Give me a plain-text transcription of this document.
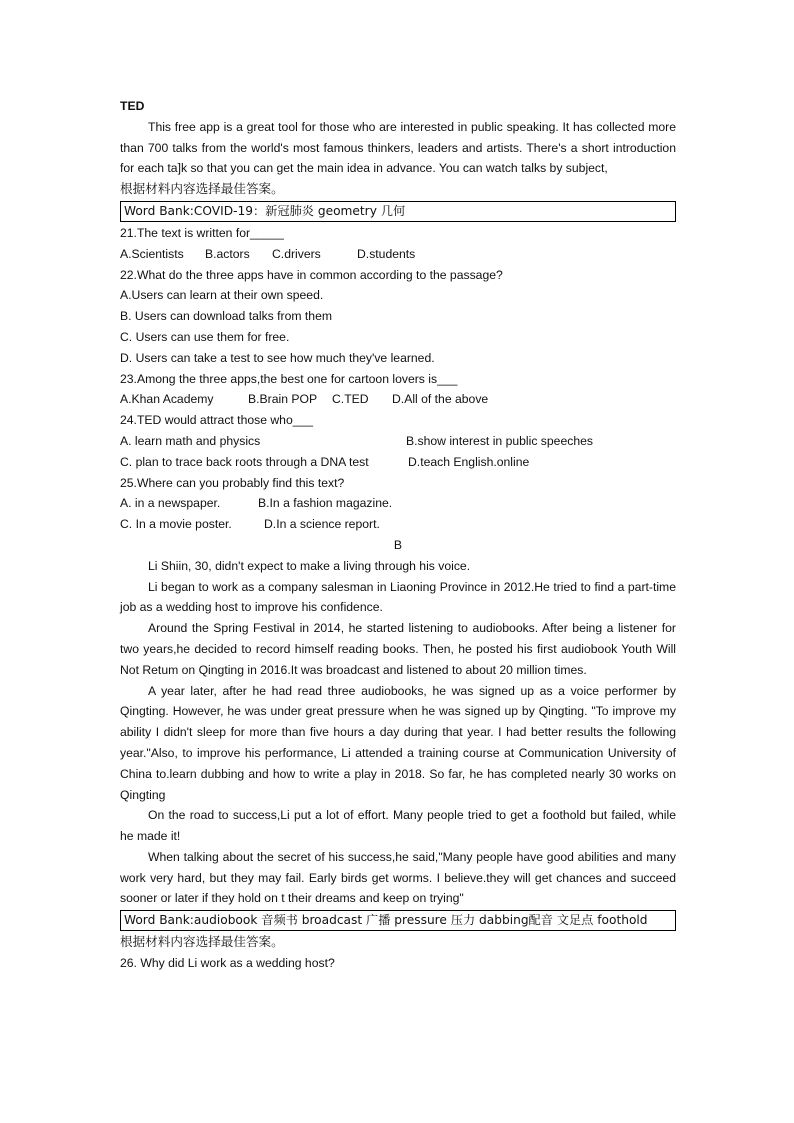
TED

This free app is a great tool for those who are interested in public speaking. It has collected more than 700 talks from the world's most famous thinkers, leaders and artists. There's a short introduction for each ta]k so that you can get the main idea in advance. You can watch talks by subject,

根据材料内容选择最佳答案。

Word Bank:COVID-19：新冠肺炎 geometry 几何

21.The text is written for_____

A.Scientists B.actors C.drivers	D.students

22.What do the three apps have in common according to the passage?

A.Users can learn at their own speed.

B. Users can download talks from them

C. Users can use them for free.

D. Users can take a test to see how much they've learned.

23.Among the three apps,the best one for cartoon lovers is___

A.Khan Academy	B.Brain POP C.TED D.All of the above

24.TED would attract those who___

A. learn math and physics	B.show interest in public speeches

C. plan to trace back roots through a DNA test	D.teach English.online

25.Where can you probably find this text?

A. in a newspaper.	B.In a fashion magazine.

C. In a movie poster.	D.In a science report.

B

Li Shiin, 30, didn't expect to make a living through his voice.

Li began to work as a company salesman in Liaoning Province in 2012.He tried to find a part-time job as a wedding host to improve his confidence.

Around the Spring Festival in 2014, he started listening to audiobooks. After being a listener for two years,he decided to record himself reading books. Then, he posted his first audiobook Youth Will Not Retum on Qingting in 2016.It was broadcast and listened to about 20 million times.

A year later, after he had read three audiobooks, he was signed up as a voice performer by Qingting. However, he was under great pressure when he was signed up by Qingting. "To improve my ability I didn't sleep for more than five hours a day during that year. I had better results the following year."Also, to improve his performance, Li attended a training course at Communication University of China to.learn dubbing and how to write a play in 2018. So far, he has completed nearly 30 works on Qingting

On the road to success,Li put a lot of effort. Many people tried to get a foothold but failed, while he made it!

When talking about the secret of his success,he said,"Many people have good abilities and many work very hard, but they may fail. Early birds get worms. I believe.they will get chances and succeed sooner or later if they hold on t their dreams and keep on trying"

Word Bank:audiobook 音频书 broadcast 广播 pressure 压力 dabbing配音 文足点 foothold

根据材料内容选择最佳答案。

26. Why did Li work as a wedding host?
